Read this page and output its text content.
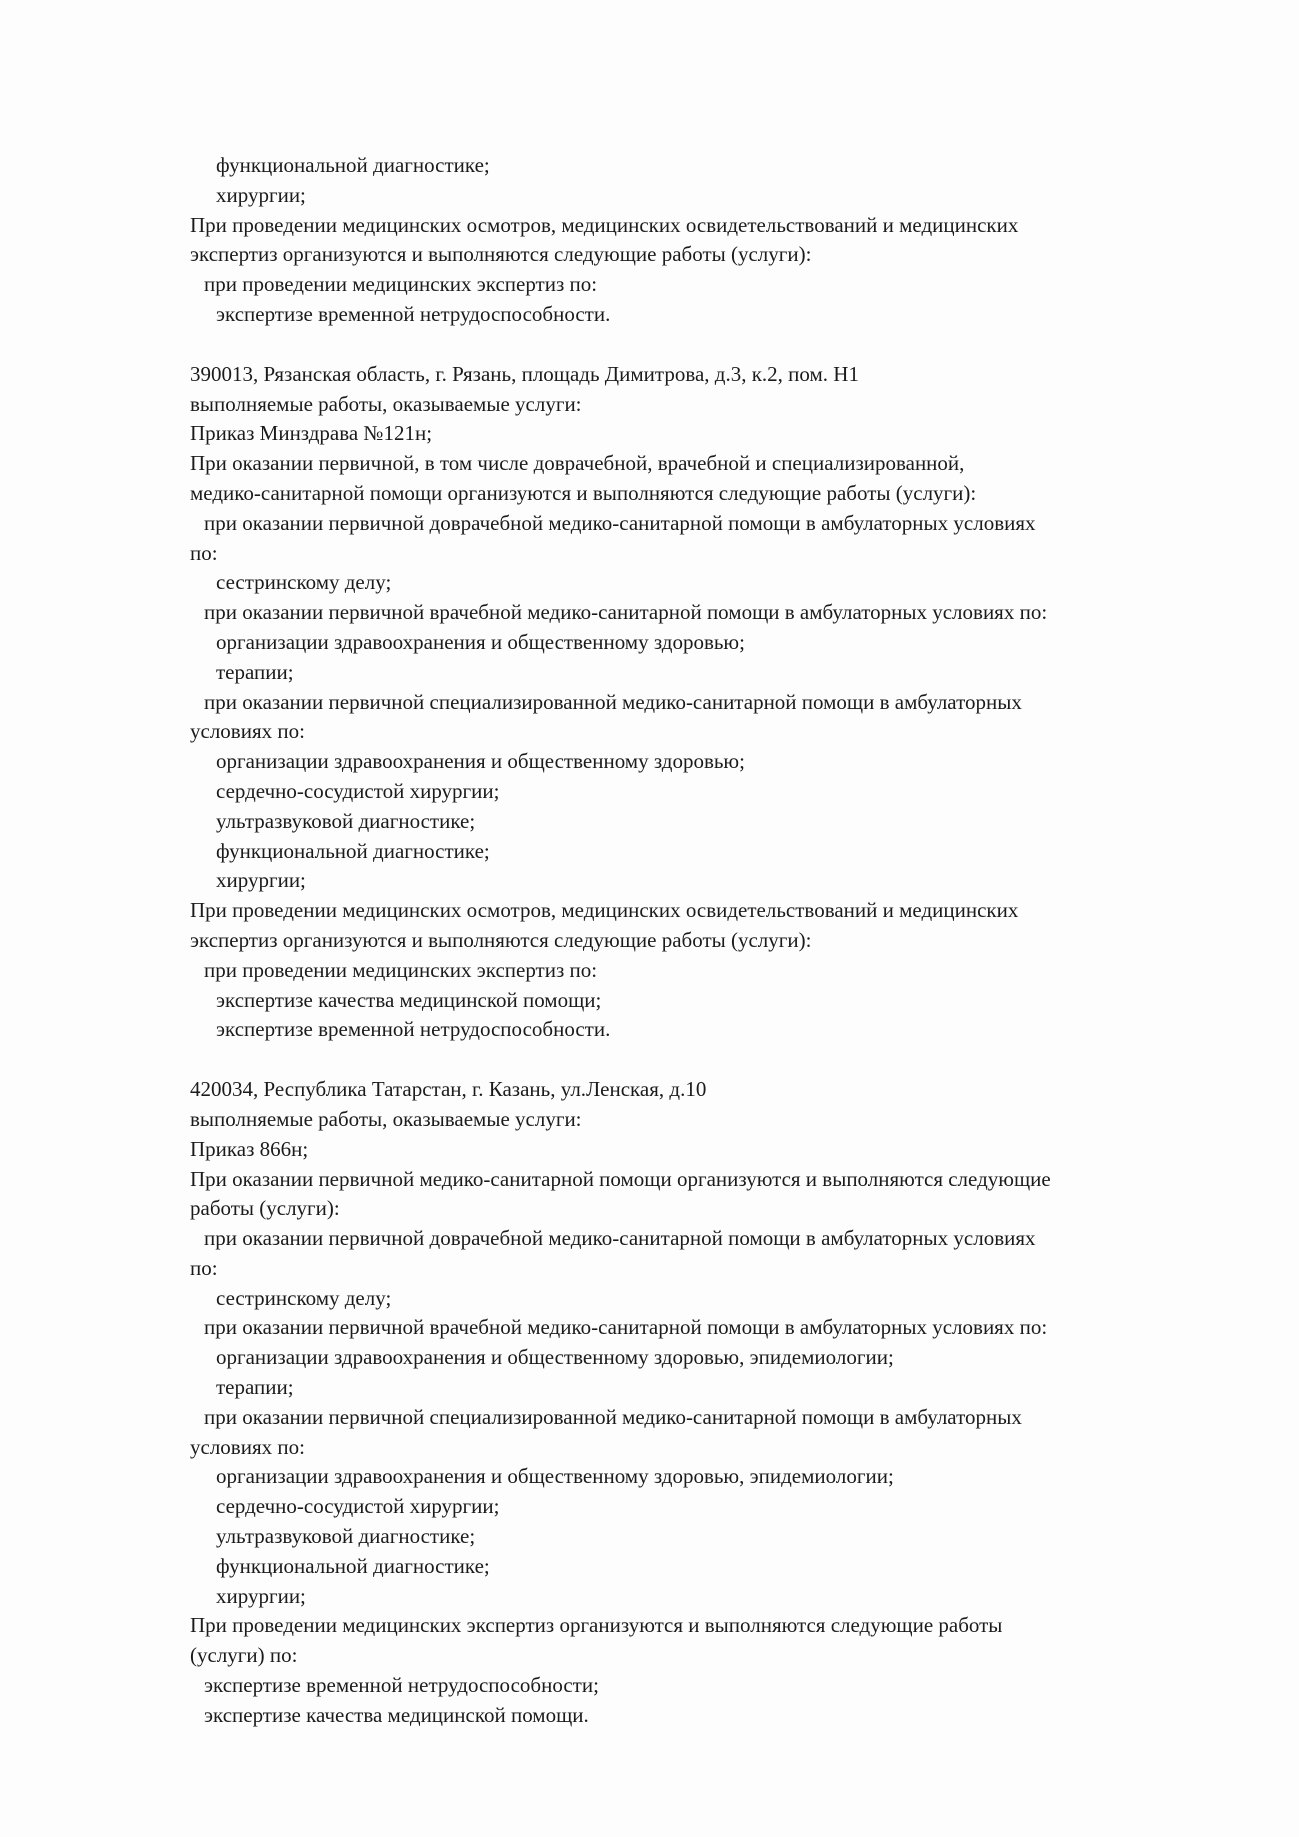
функциональной диагностике;
хирургии;
При проведении медицинских осмотров, медицинских освидетельствований и медицинских
экспертиз организуются и выполняются следующие работы (услуги):
при проведении медицинских экспертиз по:
экспертизе временной нетрудоспособности.
390013, Рязанская область, г. Рязань, площадь Димитрова, д.3, к.2, пом. Н1
выполняемые работы, оказываемые услуги:
Приказ Минздрава №121н;
При оказании первичной, в том числе доврачебной, врачебной и специализированной,
медико-санитарной помощи организуются и выполняются следующие работы (услуги):
при оказании первичной доврачебной медико-санитарной помощи в амбулаторных условиях
по:
сестринскому делу;
при оказании первичной врачебной медико-санитарной помощи в амбулаторных условиях по:
организации здравоохранения и общественному здоровью;
терапии;
при оказании первичной специализированной медико-санитарной помощи в амбулаторных
условиях по:
организации здравоохранения и общественному здоровью;
сердечно-сосудистой хирургии;
ультразвуковой диагностике;
функциональной диагностике;
хирургии;
При проведении медицинских осмотров, медицинских освидетельствований и медицинских
экспертиз организуются и выполняются следующие работы (услуги):
при проведении медицинских экспертиз по:
экспертизе качества медицинской помощи;
экспертизе временной нетрудоспособности.
420034, Республика Татарстан, г. Казань, ул.Ленская, д.10
выполняемые работы, оказываемые услуги:
Приказ 866н;
При оказании первичной медико-санитарной помощи организуются и выполняются следующие
работы (услуги):
при оказании первичной доврачебной медико-санитарной помощи в амбулаторных условиях
по:
сестринскому делу;
при оказании первичной врачебной медико-санитарной помощи в амбулаторных условиях по:
организации здравоохранения и общественному здоровью, эпидемиологии;
терапии;
при оказании первичной специализированной медико-санитарной помощи в амбулаторных
условиях по:
организации здравоохранения и общественному здоровью, эпидемиологии;
сердечно-сосудистой хирургии;
ультразвуковой диагностике;
функциональной диагностике;
хирургии;
При проведении медицинских экспертиз организуются и выполняются следующие работы
(услуги) по:
экспертизе временной нетрудоспособности;
экспертизе качества медицинской помощи.
